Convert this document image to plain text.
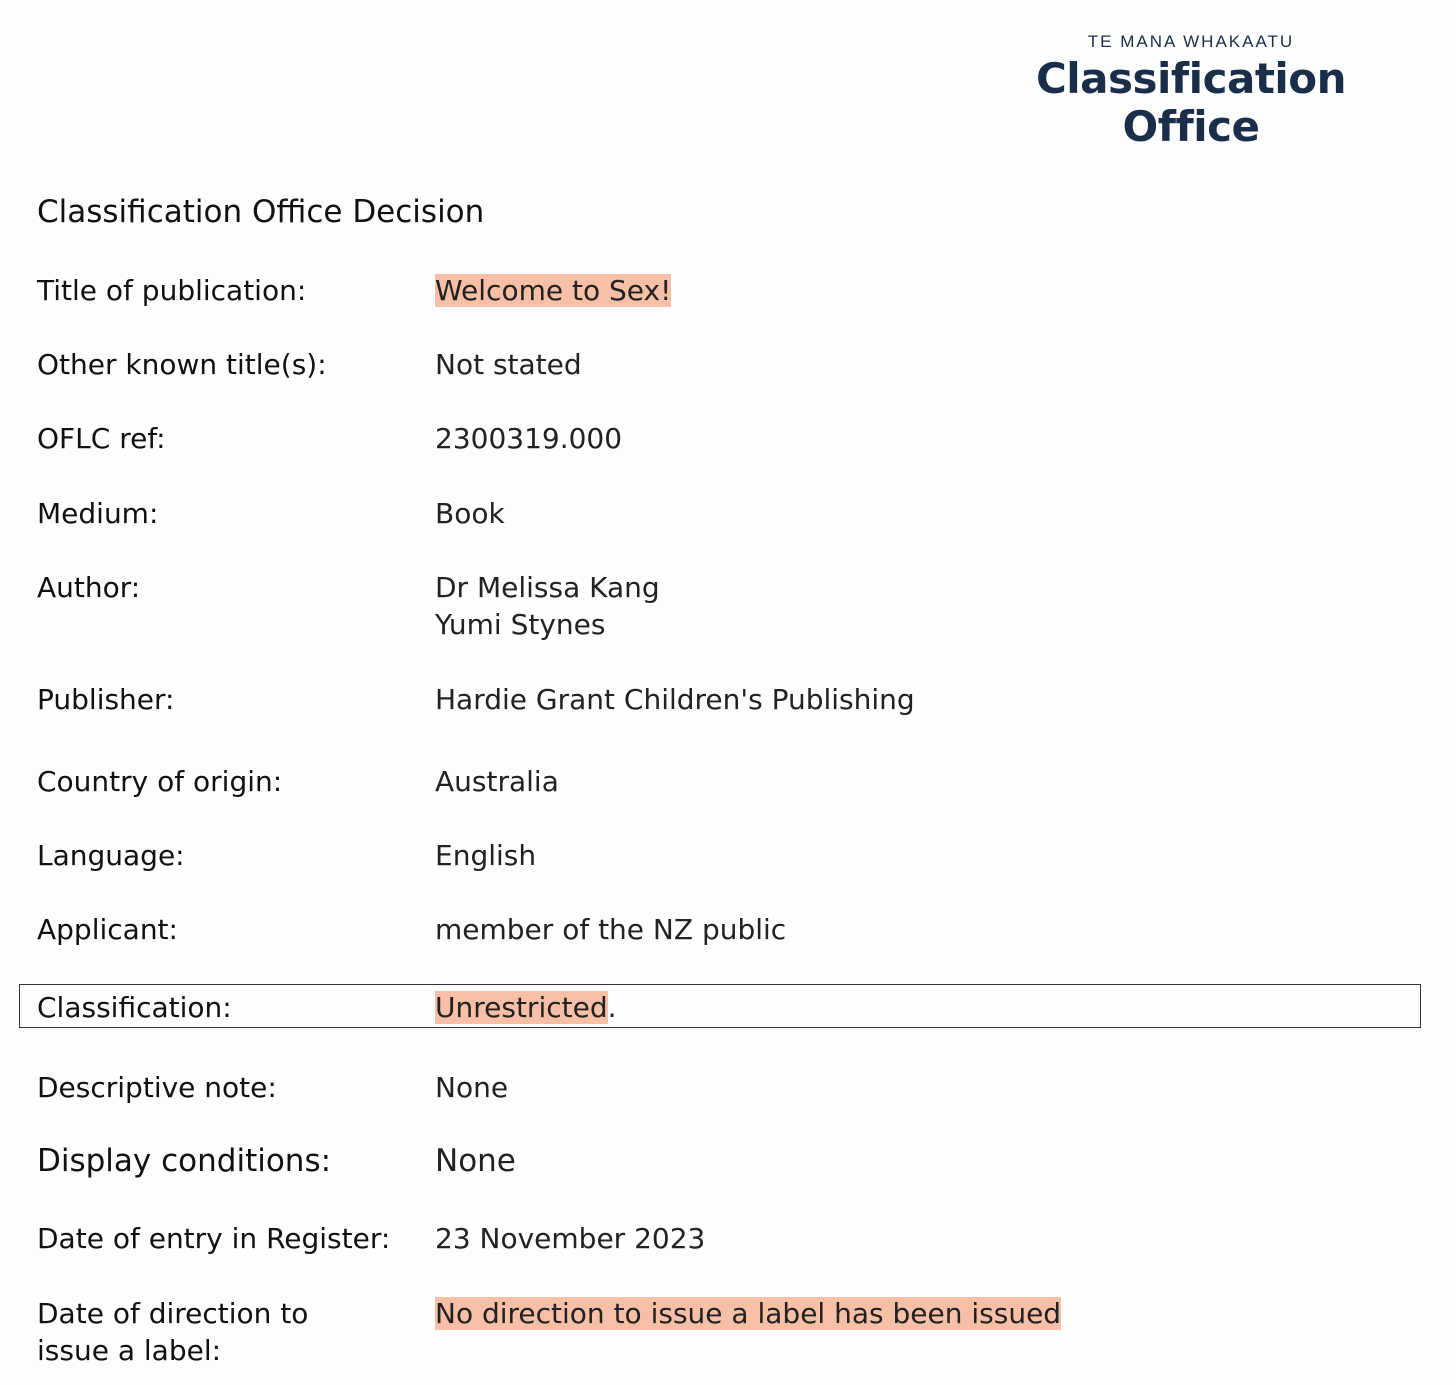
TE MANA WHAKAATU
Classification
Office
Classification Office Decision
Title of publication:	Welcome to Sex!
Other known title(s):	Not stated
OFLC ref:	2300319.000
Medium:	Book
Author:	Dr Melissa Kang
Yumi Stynes
Publisher:	Hardie Grant Children's Publishing
Country of origin:	Australia
Language:	English
Applicant:	member of the NZ public
Classification:	Unrestricted.
Descriptive note:	None
Display conditions:	None
Date of entry in Register:	23 November 2023
Date of direction to
issue a label:
No direction to issue a label has been issued
